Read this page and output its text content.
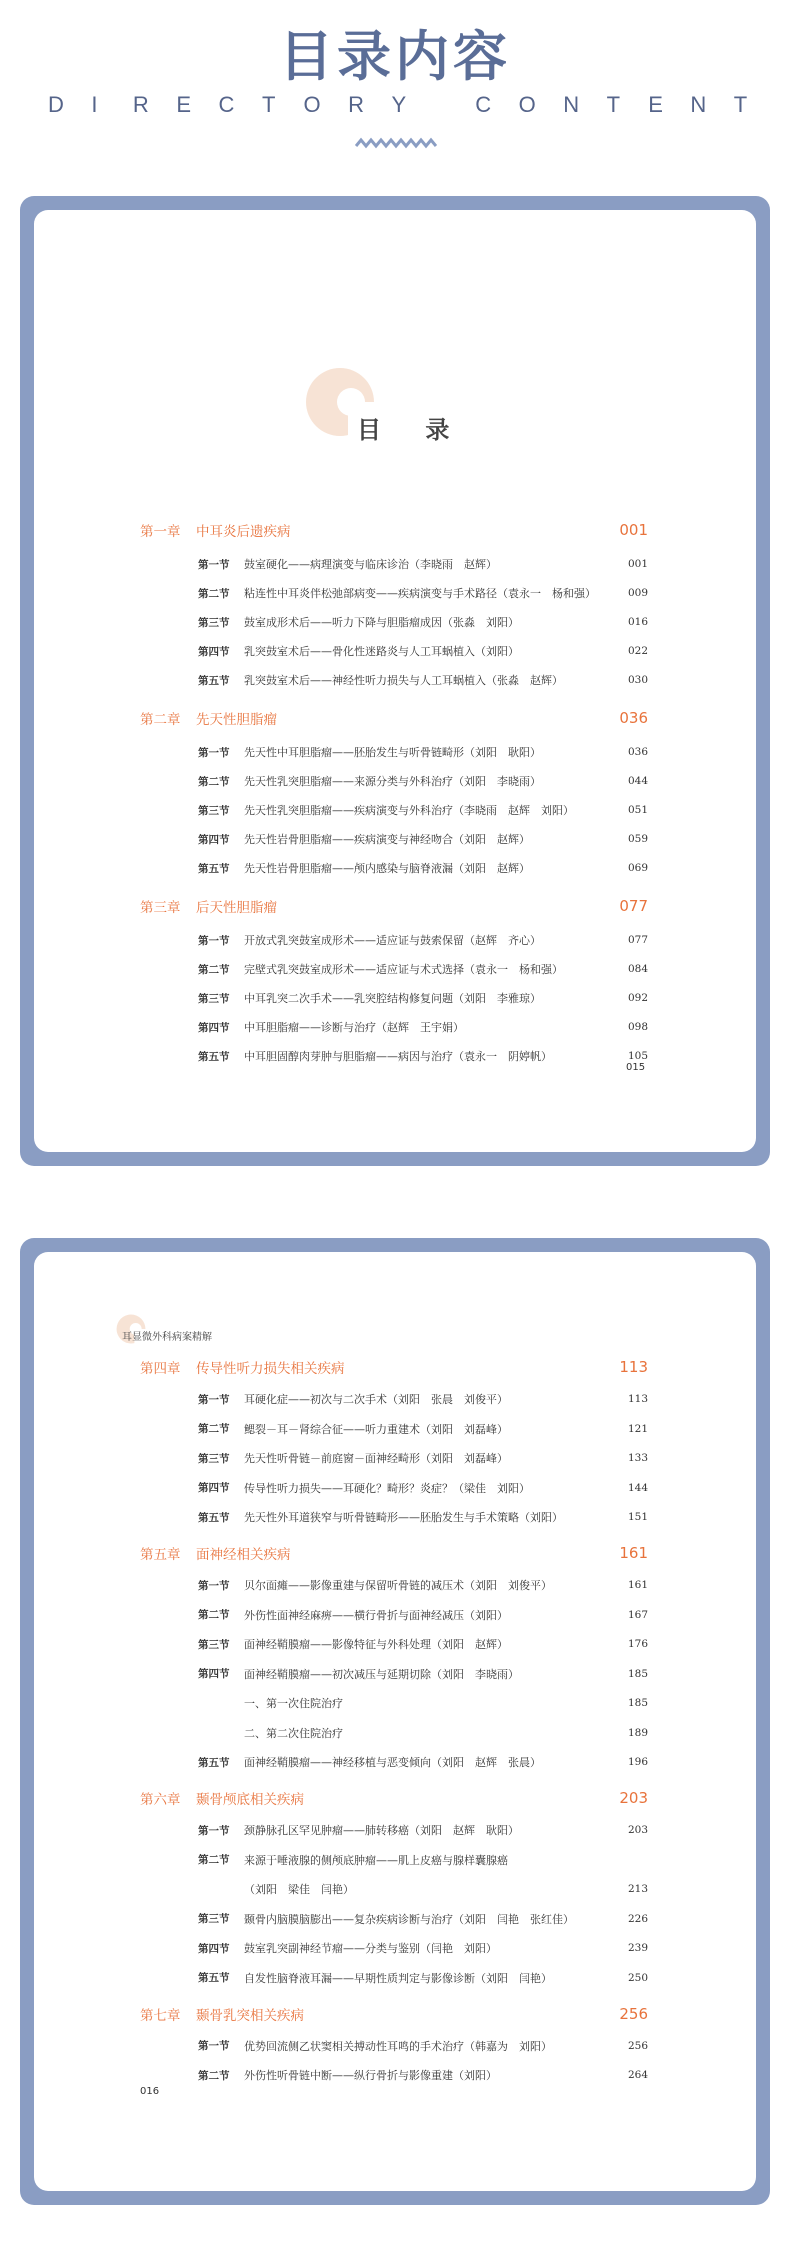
目录内容
D I	R E C T O R Y	C O N T E N T
目 录
第一章	中耳炎后遗疾病	001
第一节	鼓室硬化——病理演变与临床诊治（李晓雨　赵辉）	001
第二节	粘连性中耳炎伴松弛部病变——疾病演变与手术路径（袁永一　杨和强）	009
第三节	鼓室成形术后——听力下降与胆脂瘤成因（张淼　刘阳）	016
第四节	乳突鼓室术后——骨化性迷路炎与人工耳蜗植入（刘阳）	022
第五节	乳突鼓室术后——神经性听力损失与人工耳蜗植入（张淼　赵辉）	030
第二章	先天性胆脂瘤	036
第一节	先天性中耳胆脂瘤——胚胎发生与听骨链畸形（刘阳　耿阳）	036
第二节	先天性乳突胆脂瘤——来源分类与外科治疗（刘阳　李晓雨）	044
第三节	先天性乳突胆脂瘤——疾病演变与外科治疗（李晓雨　赵辉　刘阳）	051
第四节	先天性岩骨胆脂瘤——疾病演变与神经吻合（刘阳　赵辉）	059
第五节	先天性岩骨胆脂瘤——颅内感染与脑脊液漏（刘阳　赵辉）	069
第三章	后天性胆脂瘤	077
第一节	开放式乳突鼓室成形术——适应证与鼓索保留（赵辉　齐心）	077
第二节	完壁式乳突鼓室成形术——适应证与术式选择（袁永一　杨和强）	084
第三节	中耳乳突二次手术——乳突腔结构修复问题（刘阳　李雅琼）	092
第四节	中耳胆脂瘤——诊断与治疗（赵辉　王宇娟）	098
第五节	中耳胆固醇肉芽肿与胆脂瘤——病因与治疗（袁永一　阴婷帆）	105
015
耳显微外科病案精解
第四章	传导性听力损失相关疾病	113
第一节	耳硬化症——初次与二次手术（刘阳　张晨　刘俊平）	113
第二节	鳃裂－耳－肾综合征——听力重建术（刘阳　刘磊峰）	121
第三节	先天性听骨链－前庭窗－面神经畸形（刘阳　刘磊峰）	133
第四节	传导性听力损失——耳硬化？畸形？炎症？（梁佳　刘阳）	144
第五节	先天性外耳道狭窄与听骨链畸形——胚胎发生与手术策略（刘阳）	151
第五章	面神经相关疾病	161
第一节	贝尔面瘫——影像重建与保留听骨链的减压术（刘阳　刘俊平）	161
第二节	外伤性面神经麻痹——横行骨折与面神经减压（刘阳）	167
第三节	面神经鞘膜瘤——影像特征与外科处理（刘阳　赵辉）	176
第四节	面神经鞘膜瘤——初次减压与延期切除（刘阳　李晓雨）	185
一、第一次住院治疗	185
二、第二次住院治疗	189
第五节	面神经鞘膜瘤——神经移植与恶变倾向（刘阳　赵辉　张晨）	196
第六章	颞骨颅底相关疾病	203
第一节	颈静脉孔区罕见肿瘤——肺转移癌（刘阳　赵辉　耿阳）	203
第二节	来源于唾液腺的侧颅底肿瘤——肌上皮癌与腺样囊腺癌
（刘阳　梁佳　闫艳）	213
第三节	颞骨内脑膜脑膨出——复杂疾病诊断与治疗（刘阳　闫艳　张红佳）	226
第四节	鼓室乳突副神经节瘤——分类与鉴别（闫艳　刘阳）	239
第五节	自发性脑脊液耳漏——早期性质判定与影像诊断（刘阳　闫艳）	250
第七章	颞骨乳突相关疾病	256
第一节	优势回流侧乙状窦相关搏动性耳鸣的手术治疗（韩嘉为　刘阳）	256
第二节	外伤性听骨链中断——纵行骨折与影像重建（刘阳）	264
016
